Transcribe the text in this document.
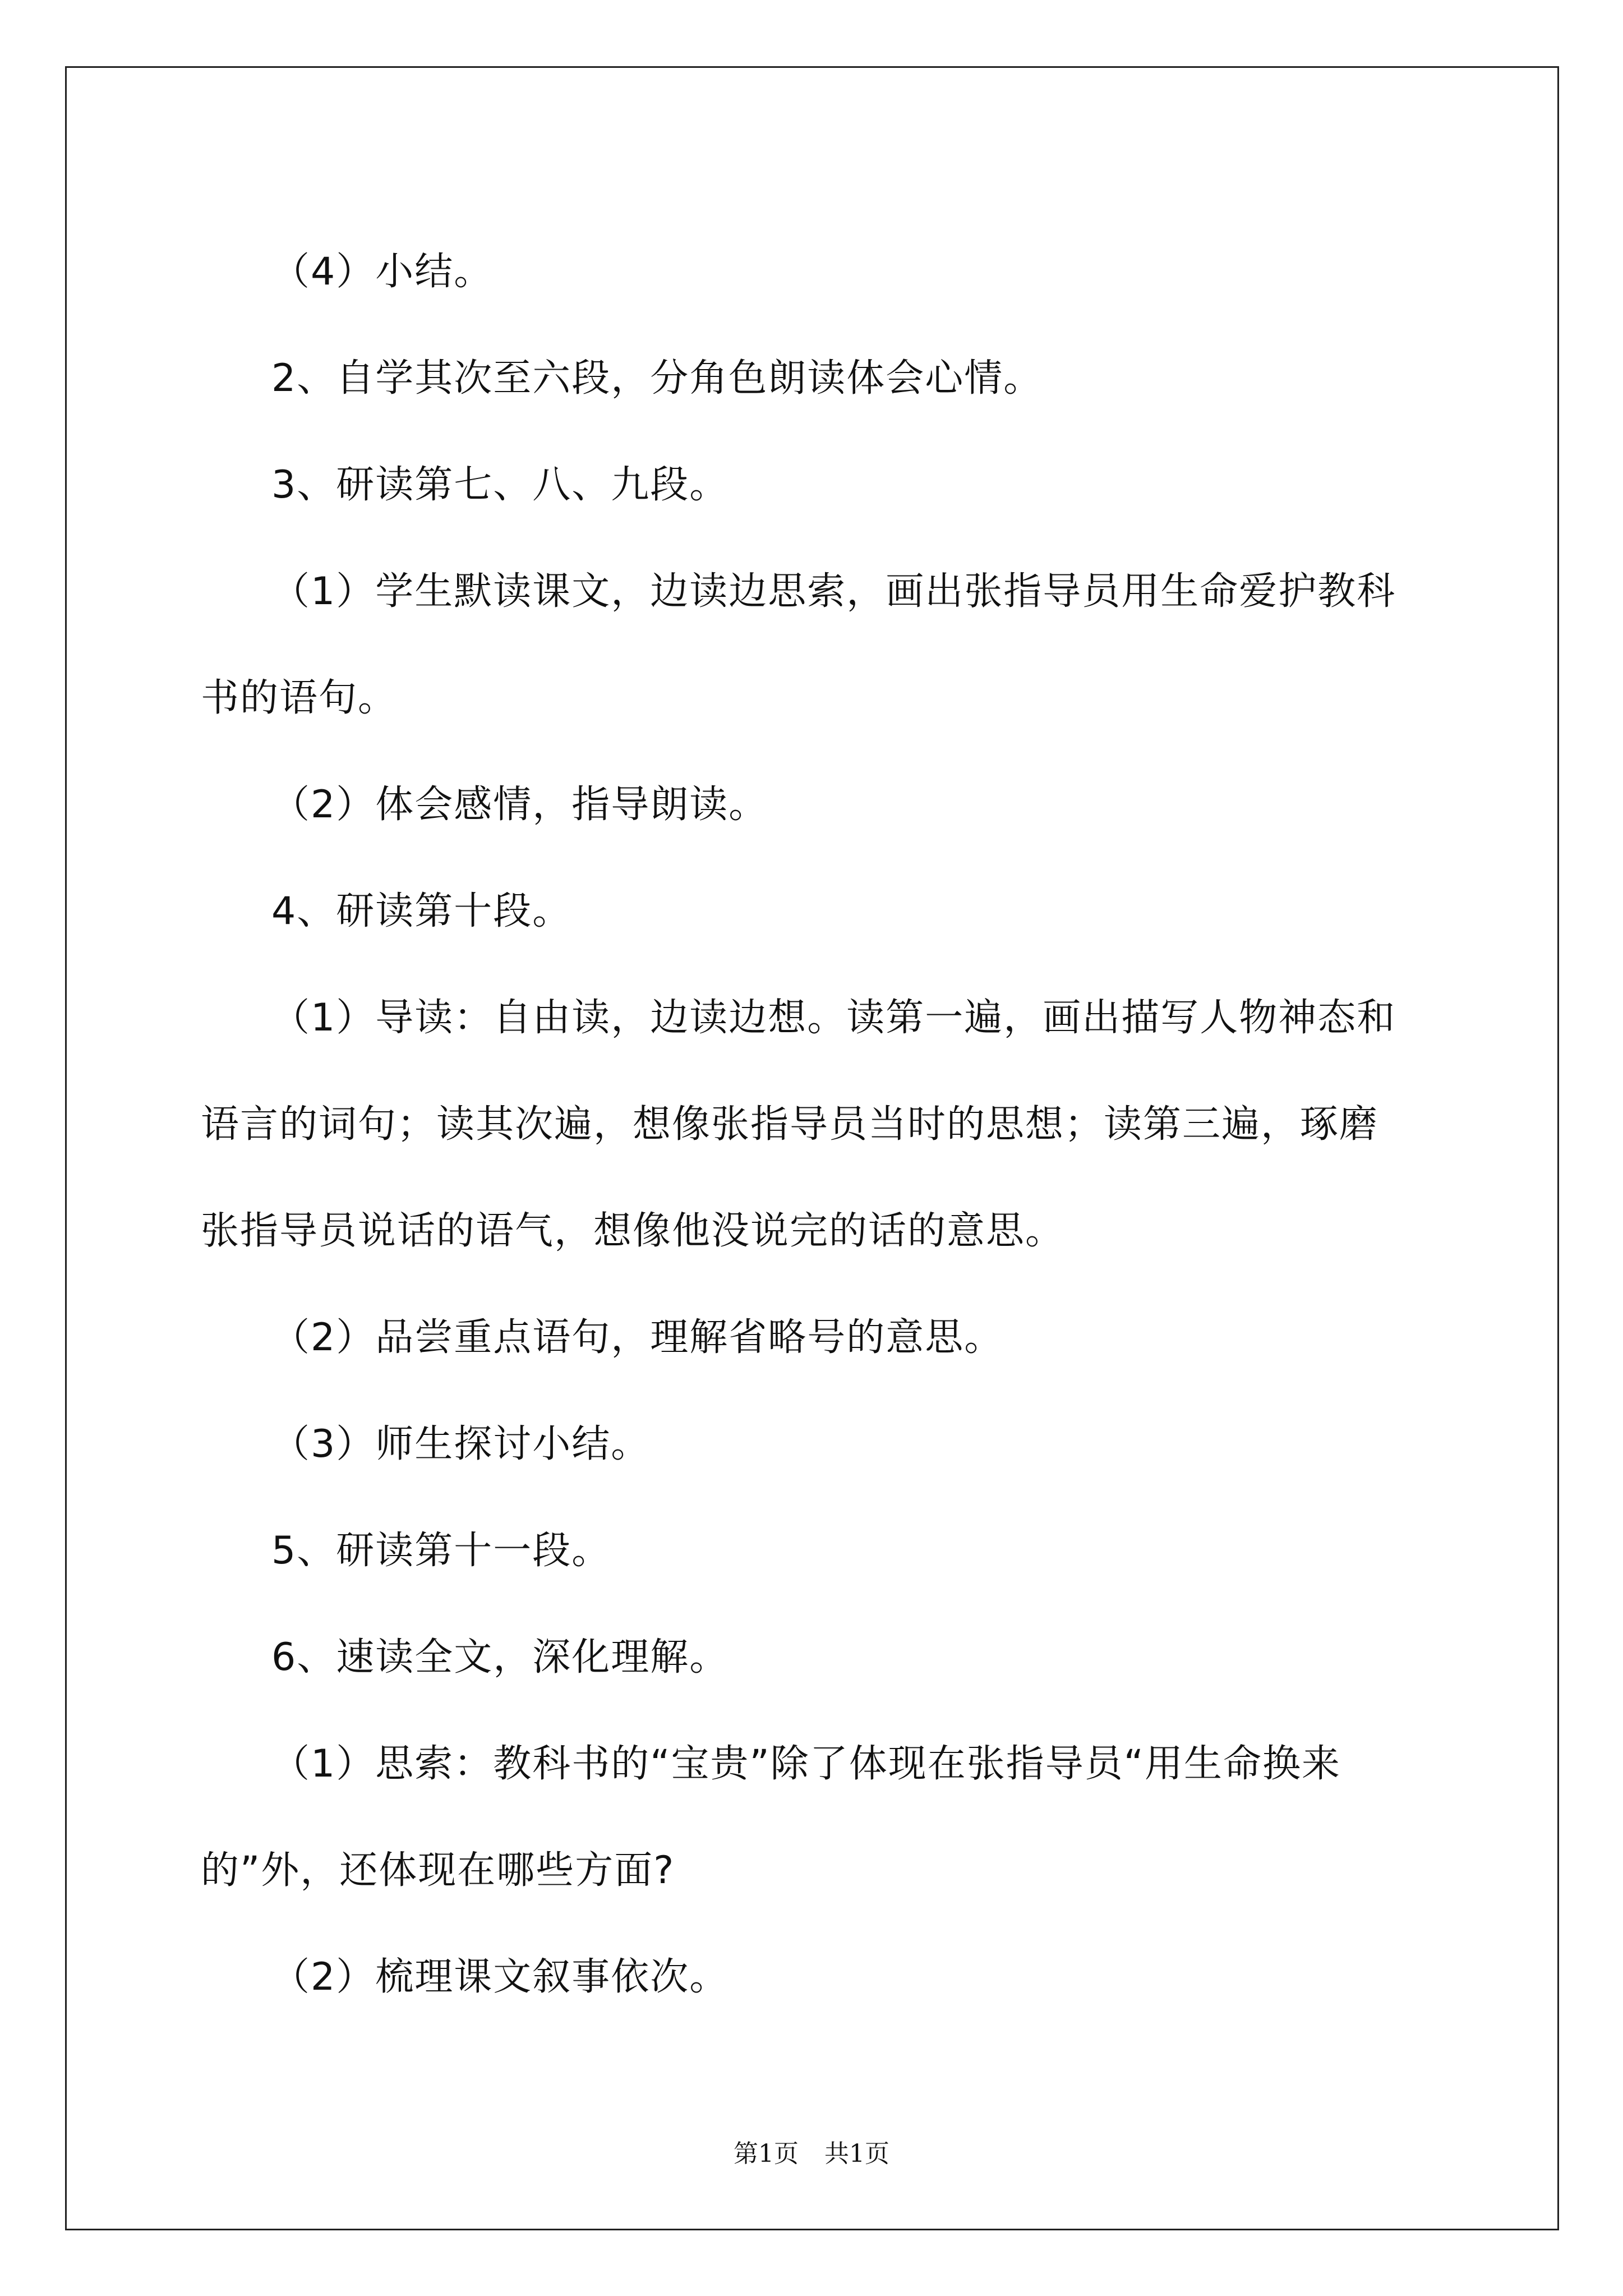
（4）小结。

2、自学其次至六段，分角色朗读体会心情。

3、研读第七、八、九段。

（1）学生默读课文，边读边思索，画出张指导员用生命爱护教科

书的语句。

（2）体会感情，指导朗读。

4、研读第十段。

（1）导读：自由读，边读边想。读第一遍，画出描写人物神态和

语言的词句；读其次遍，想像张指导员当时的思想；读第三遍，琢磨

张指导员说话的语气，想像他没说完的话的意思。

（2）品尝重点语句，理解省略号的意思。

（3）师生探讨小结。

5、研读第十一段。

6、速读全文，深化理解。

（1）思索：教科书的“宝贵”除了体现在张指导员“用生命换来

的”外，还体现在哪些方面?

（2）梳理课文叙事依次。

第1页 共1页
